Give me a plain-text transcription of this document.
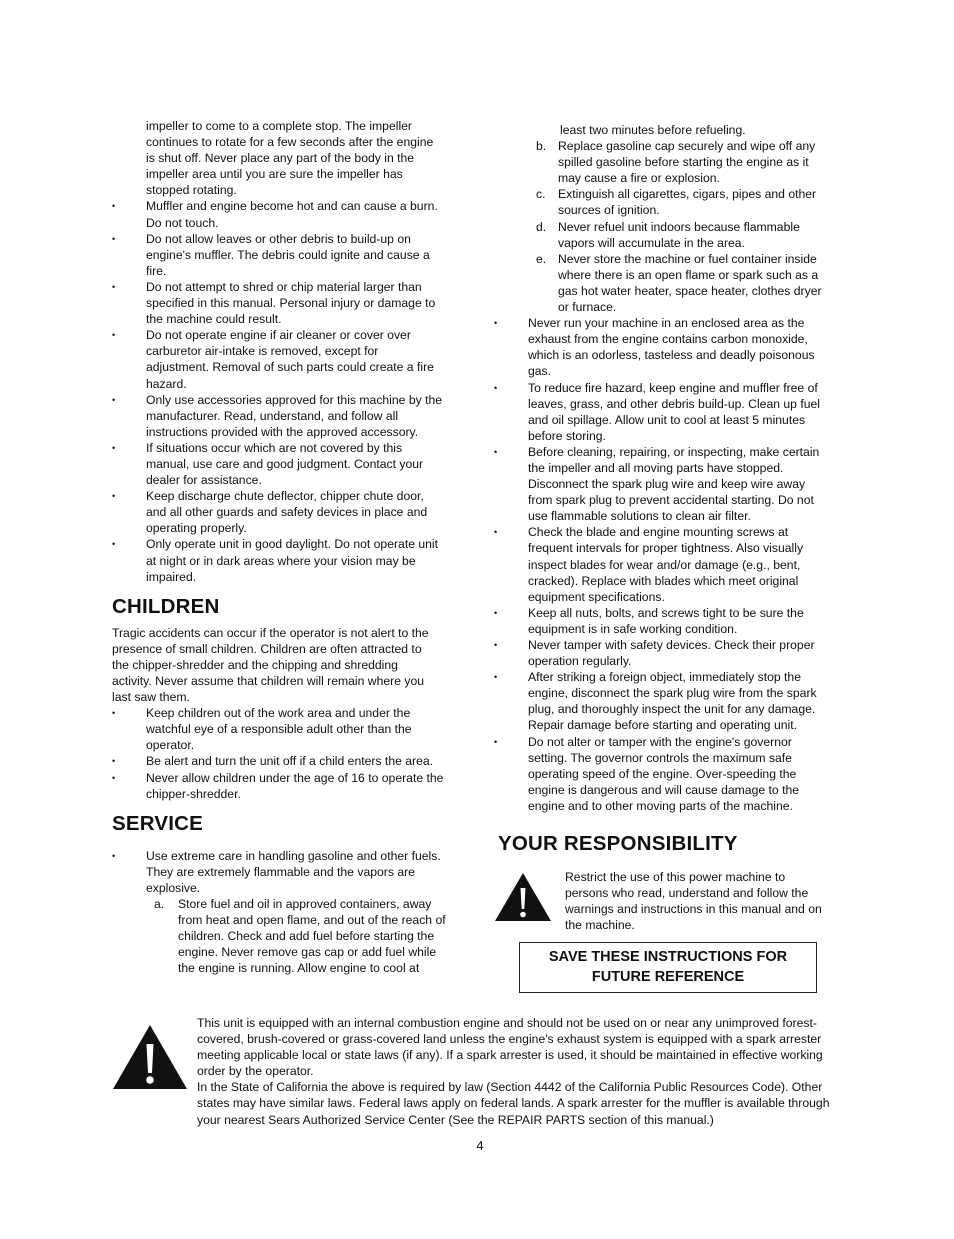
impeller to come to a complete stop. The impeller
continues to rotate for a few seconds after the engine
is shut off. Never place any part of the body in the
impeller area until you are sure the impeller has
stopped rotating.
• Muffler and engine become hot and can cause a burn.
Do not touch.
• Do not allow leaves or other debris to build-up on
engine's muffler. The debris could ignite and cause a
fire.
• Do not attempt to shred or chip material larger than
specified in this manual. Personal injury or damage to
the machine could result.
• Do not operate engine if air cleaner or cover over
carburetor air-intake is removed, except for
adjustment. Removal of such parts could create a fire
hazard.
• Only use accessories approved for this machine by the
manufacturer. Read, understand, and follow all
instructions provided with the approved accessory.
• If situations occur which are not covered by this
manual, use care and good judgment. Contact your
dealer for assistance.
• Keep discharge chute deflector, chipper chute door,
and all other guards and safety devices in place and
operating properly.
• Only operate unit in good daylight. Do not operate unit
at night or in dark areas where your vision may be
impaired.
CHILDREN
Tragic accidents can occur if the operator is not alert to the
presence of small children. Children are often attracted to
the chipper-shredder and the chipping and shredding
activity. Never assume that children will remain where you
last saw them.
• Keep children out of the work area and under the
watchful eye of a responsible adult other than the
operator.
• Be alert and turn the unit off if a child enters the area.
• Never allow children under the age of 16 to operate the
chipper-shredder.
SERVICE
• Use extreme care in handling gasoline and other fuels.
They are extremely flammable and the vapors are
explosive.
a. Store fuel and oil in approved containers, away
from heat and open flame, and out of the reach of
children. Check and add fuel before starting the
engine. Never remove gas cap or add fuel while
the engine is running. Allow engine to cool at
least two minutes before refueling.
b. Replace gasoline cap securely and wipe off any
spilled gasoline before starting the engine as it
may cause a fire or explosion.
c. Extinguish all cigarettes, cigars, pipes and other
sources of ignition.
d. Never refuel unit indoors because flammable
vapors will accumulate in the area.
e. Never store the machine or fuel container inside
where there is an open flame or spark such as a
gas hot water heater, space heater, clothes dryer
or furnace.
• Never run your machine in an enclosed area as the
exhaust from the engine contains carbon monoxide,
which is an odorless, tasteless and deadly poisonous
gas.
• To reduce fire hazard, keep engine and muffler free of
leaves, grass, and other debris build-up. Clean up fuel
and oil spillage. Allow unit to cool at least 5 minutes
before storing.
• Before cleaning, repairing, or inspecting, make certain
the impeller and all moving parts have stopped.
Disconnect the spark plug wire and keep wire away
from spark plug to prevent accidental starting. Do not
use flammable solutions to clean air filter.
• Check the blade and engine mounting screws at
frequent intervals for proper tightness. Also visually
inspect blades for wear and/or damage (e.g., bent,
cracked). Replace with blades which meet original
equipment specifications.
• Keep all nuts, bolts, and screws tight to be sure the
equipment is in safe working condition.
• Never tamper with safety devices. Check their proper
operation regularly.
• After striking a foreign object, immediately stop the
engine, disconnect the spark plug wire from the spark
plug, and thoroughly inspect the unit for any damage.
Repair damage before starting and operating unit.
• Do not alter or tamper with the engine's governor
setting. The governor controls the maximum safe
operating speed of the engine. Over-speeding the
engine is dangerous and will cause damage to the
engine and to other moving parts of the machine.
YOUR RESPONSIBILITY
Restrict the use of this power machine to
persons who read, understand and follow the
warnings and instructions in this manual and on
the machine.
SAVE THESE INSTRUCTIONS FOR
FUTURE REFERENCE
This unit is equipped with an internal combustion engine and should not be used on or near any unimproved forest-
covered, brush-covered or grass-covered land unless the engine's exhaust system is equipped with a spark arrester
meeting applicable local or state laws (if any). If a spark arrester is used, it should be maintained in effective working
order by the operator.
In the State of California the above is required by law (Section 4442 of the California Public Resources Code). Other
states may have similar laws. Federal laws apply on federal lands. A spark arrester for the muffler is available through
your nearest Sears Authorized Service Center (See the REPAIR PARTS section of this manual.)
4
